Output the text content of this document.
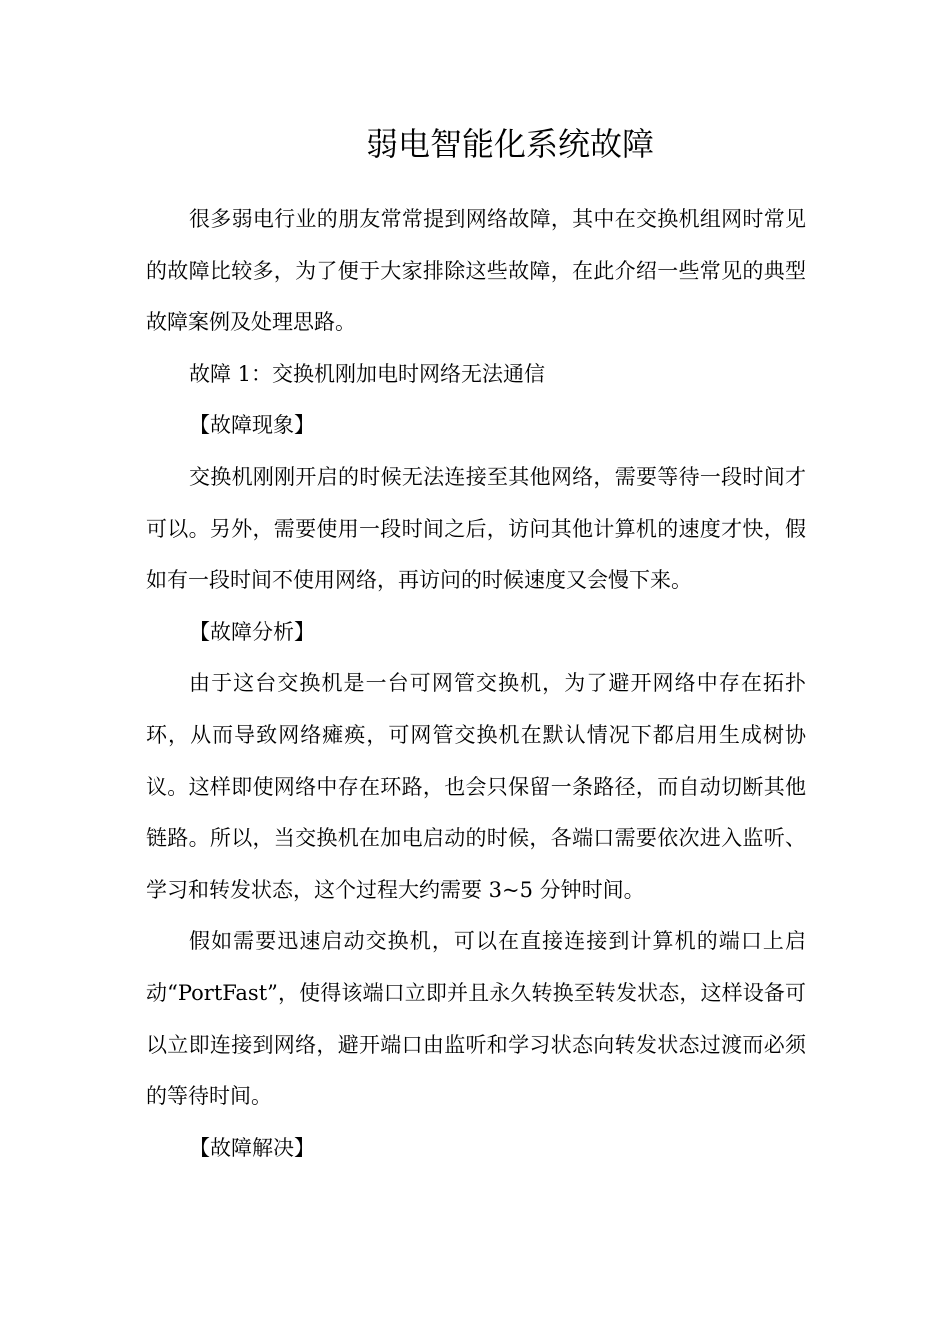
弱电智能化系统故障

很多弱电行业的朋友常常提到网络故障，其中在交换机组网时常见的故障比较多，为了便于大家排除这些故障，在此介绍一些常见的典型故障案例及处理思路。

故障 1：交换机刚加电时网络无法通信

【故障现象】

交换机刚刚开启的时候无法连接至其他网络，需要等待一段时间才可以。另外，需要使用一段时间之后，访问其他计算机的速度才快，假如有一段时间不使用网络，再访问的时候速度又会慢下来。

【故障分析】

由于这台交换机是一台可网管交换机，为了避开网络中存在拓扑环，从而导致网络瘫痪，可网管交换机在默认情况下都启用生成树协议。这样即使网络中存在环路，也会只保留一条路径，而自动切断其他链路。所以，当交换机在加电启动的时候，各端口需要依次进入监听、学习和转发状态，这个过程大约需要 3~5 分钟时间。

假如需要迅速启动交换机，可以在直接连接到计算机的端口上启动“PortFast”，使得该端口立即并且永久转换至转发状态，这样设备可以立即连接到网络，避开端口由监听和学习状态向转发状态过渡而必须的等待时间。

【故障解决】
